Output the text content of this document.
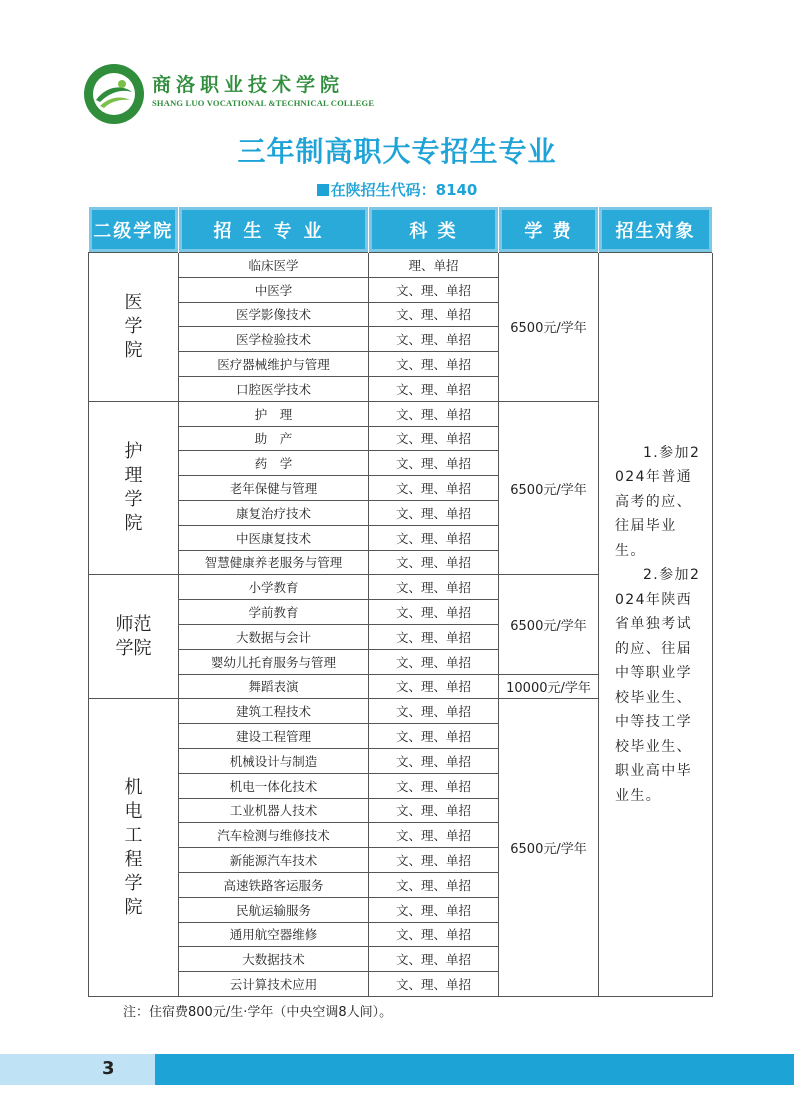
商洛职业技术学院
SHANG LUO VOCATIONAL &TECHNICAL COLLEGE
三年制高职大专招生专业
在陕招生代码：8140
二级学院	招生专业	科 类	学 费	招生对象
医学院	临床医学	理、单招	6500元/学年	1.参加2024年普通高考的应、往届毕业生。

2.参加2024年陕西省单独考试的应、往届中等职业学校毕业生、中等技工学校毕业生、职业高中毕业生。

	中医学	文、理、单招		
	医学影像技术	文、理、单招		
	医学检验技术	文、理、单招		
	医疗器械维护与管理	文、理、单招		
	口腔医学技术	文、理、单招		
护理学院	护　理	文、理、单招	6500元/学年	
	助　产	文、理、单招		
	药　学	文、理、单招		
	老年保健与管理	文、理、单招		
	康复治疗技术	文、理、单招		
	中医康复技术	文、理、单招		
	智慧健康养老服务与管理	文、理、单招		
师范学院	小学教育	文、理、单招	6500元/学年	
	学前教育	文、理、单招		
	大数据与会计	文、理、单招		
	婴幼儿托育服务与管理	文、理、单招		
	舞蹈表演	文、理、单招	10000元/学年	
机电工程学院	建筑工程技术	文、理、单招	6500元/学年	
	建设工程管理	文、理、单招		
	机械设计与制造	文、理、单招		
	机电一体化技术	文、理、单招		
	工业机器人技术	文、理、单招		
	汽车检测与维修技术	文、理、单招		
	新能源汽车技术	文、理、单招		
	高速铁路客运服务	文、理、单招		
	民航运输服务	文、理、单招		
	通用航空器维修	文、理、单招		
	大数据技术	文、理、单招		
	云计算技术应用	文、理、单招		
注：住宿费800元/生·学年（中央空调8人间）。
3
